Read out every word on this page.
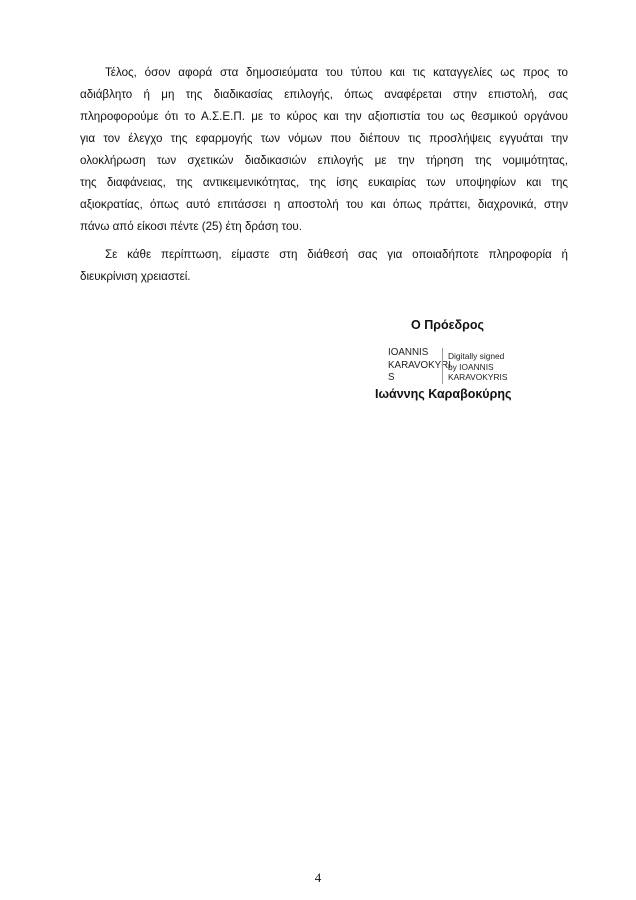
Τέλος, όσον αφορά στα δημοσιεύματα του τύπου και τις καταγγελίες ως προς το
αδιάβλητο ή μη της διαδικασίας επιλογής, όπως αναφέρεται στην επιστολή, σας
πληροφορούμε ότι το Α.Σ.Ε.Π. με το κύρος και την αξιοπιστία του ως θεσμικού οργάνου
για τον έλεγχο της εφαρμογής των νόμων που διέπουν τις προσλήψεις εγγυάται την
ολοκλήρωση των σχετικών διαδικασιών επιλογής με την τήρηση της νομιμότητας,
της διαφάνειας, της αντικειμενικότητας, της ίσης ευκαιρίας των υποψηφίων και της
αξιοκρατίας, όπως αυτό επιτάσσει η αποστολή του και όπως πράττει, διαχρονικά, στην
πάνω από είκοσι πέντε (25) έτη δράση του.
Σε κάθε περίπτωση, είμαστε στη διάθεσή σας για οποιαδήποτε πληροφορία ή
διευκρίνιση χρειαστεί.
Ο Πρόεδρος
IOANNIS
KARAVOKYRI
S
Digitally signed
by IOANNIS
KARAVOKYRIS
Ιωάννης Καραβοκύρης
4
